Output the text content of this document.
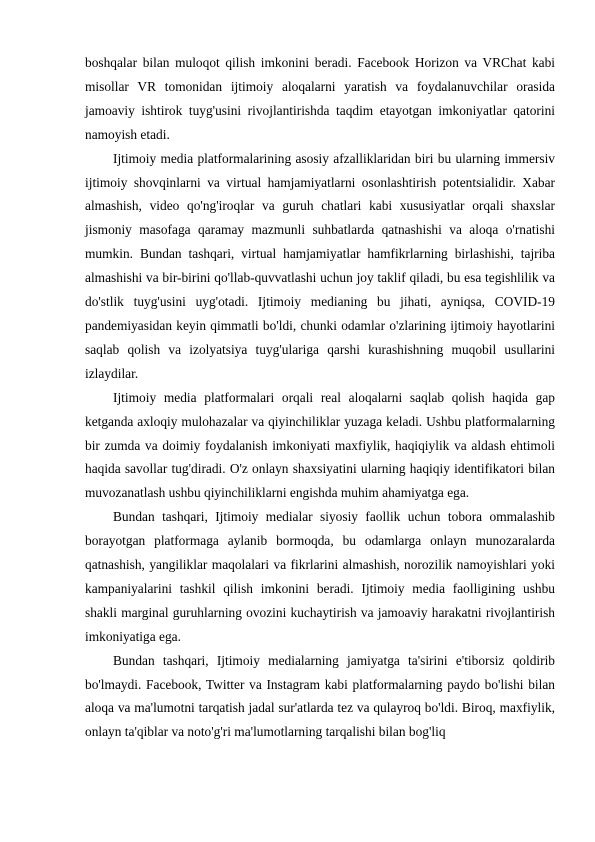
boshqalar bilan muloqot qilish imkonini beradi. Facebook Horizon va VRChat kabi misollar VR tomonidan ijtimoiy aloqalarni yaratish va foydalanuvchilar orasida jamoaviy ishtirok tuyg'usini rivojlantirishda taqdim etayotgan imkoniyatlar qatorini namoyish etadi.

Ijtimoiy media platformalarining asosiy afzalliklaridan biri bu ularning immersiv ijtimoiy shovqinlarni va virtual hamjamiyatlarni osonlashtirish potentsialidir. Xabar almashish, video qo'ng'iroqlar va guruh chatlari kabi xususiyatlar orqali shaxslar jismoniy masofaga qaramay mazmunli suhbatlarda qatnashishi va aloqa o'rnatishi mumkin. Bundan tashqari, virtual hamjamiyatlar hamfikrlarning birlashishi, tajriba almashishi va bir-birini qo'llab-quvvatlashi uchun joy taklif qiladi, bu esa tegishlilik va do'stlik tuyg'usini uyg'otadi. Ijtimoiy medianing bu jihati, ayniqsa, COVID-19 pandemiyasidan keyin qimmatli bo'ldi, chunki odamlar o'zlarining ijtimoiy hayotlarini saqlab qolish va izolyatsiya tuyg'ulariga qarshi kurashishning muqobil usullarini izlaydilar.

Ijtimoiy media platformalari orqali real aloqalarni saqlab qolish haqida gap ketganda axloqiy mulohazalar va qiyinchiliklar yuzaga keladi. Ushbu platformalarning bir zumda va doimiy foydalanish imkoniyati maxfiylik, haqiqiylik va aldash ehtimoli haqida savollar tug'diradi. O'z onlayn shaxsiyatini ularning haqiqiy identifikatori bilan muvozanatlash ushbu qiyinchiliklarni engishda muhim ahamiyatga ega.

Bundan tashqari, Ijtimoiy medialar siyosiy faollik uchun tobora ommalashib borayotgan platformaga aylanib bormoqda, bu odamlarga onlayn munozaralarda qatnashish, yangiliklar maqolalari va fikrlarini almashish, norozilik namoyishlari yoki kampaniyalarini tashkil qilish imkonini beradi. Ijtimoiy media faolligining ushbu shakli marginal guruhlarning ovozini kuchaytirish va jamoaviy harakatni rivojlantirish imkoniyatiga ega.

Bundan tashqari, Ijtimoiy medialarning jamiyatga ta'sirini e'tiborsiz qoldirib bo'lmaydi. Facebook, Twitter va Instagram kabi platformalarning paydo bo'lishi bilan aloqa va ma'lumotni tarqatish jadal sur'atlarda tez va qulayroq bo'ldi. Biroq, maxfiylik, onlayn ta'qiblar va noto'g'ri ma'lumotlarning tarqalishi bilan bog'liq
